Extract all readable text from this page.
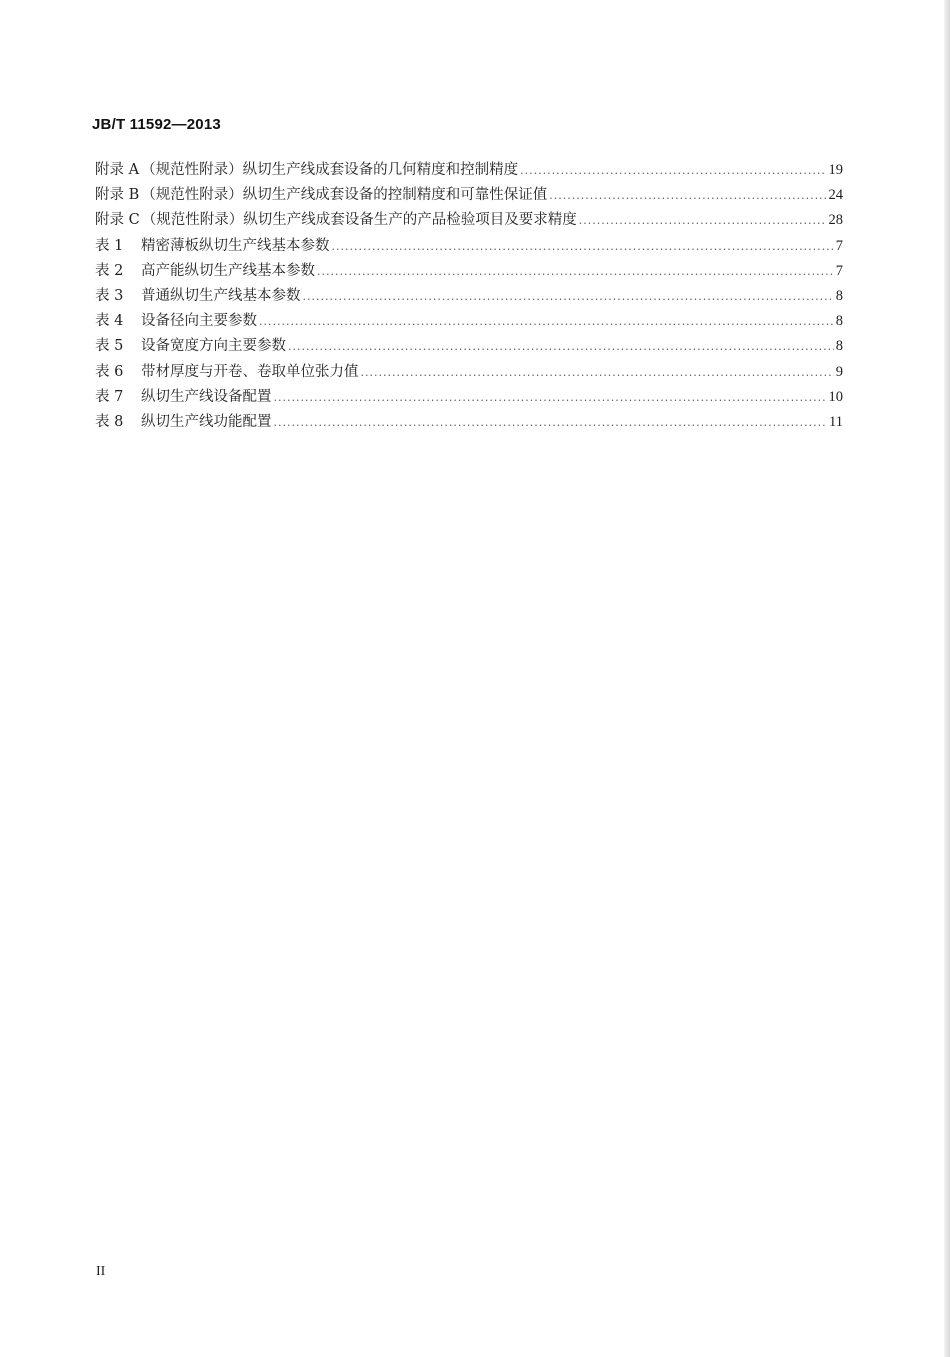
JB/T 11592—2013
附录 A （规范性附录）纵切生产线成套设备的几何精度和控制精度 .....	19
附录 B （规范性附录）纵切生产线成套设备的控制精度和可靠性保证值 .....	24
附录 C （规范性附录）纵切生产线成套设备生产的产品检验项目及要求精度 .....	28
表 1 精密薄板纵切生产线基本参数 .....	7
表 2 高产能纵切生产线基本参数 .....	7
表 3 普通纵切生产线基本参数 .....	8
表 4 设备径向主要参数 .....	8
表 5 设备宽度方向主要参数 .....	8
表 6 带材厚度与开卷、卷取单位张力值 .....	9
表 7 纵切生产线设备配置 .....	10
表 8 纵切生产线功能配置 .....	11
II
